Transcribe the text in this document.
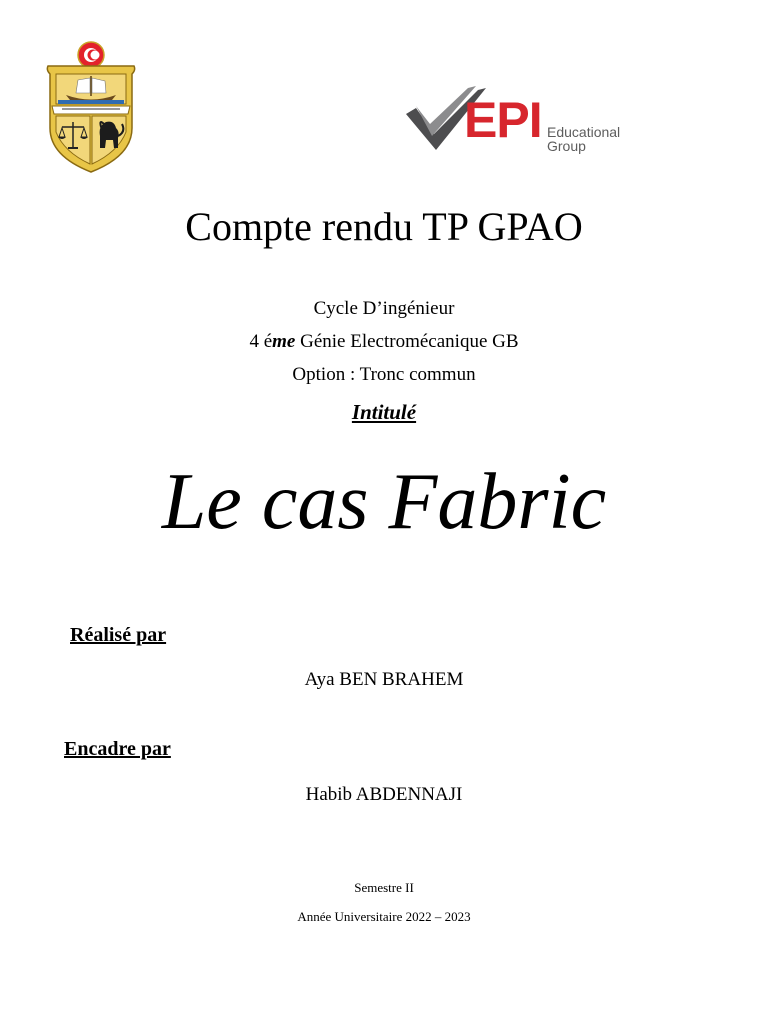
EPI Educational
Group
Compte rendu TP GPAO
Cycle D’ingénieur
4 éme Génie Electromécanique GB
Option : Tronc commun
Intitulé
Le cas Fabric
Réalisé par
Aya BEN BRAHEM
Encadre par
Habib ABDENNAJI
Semestre II
Année Universitaire 2022 – 2023
